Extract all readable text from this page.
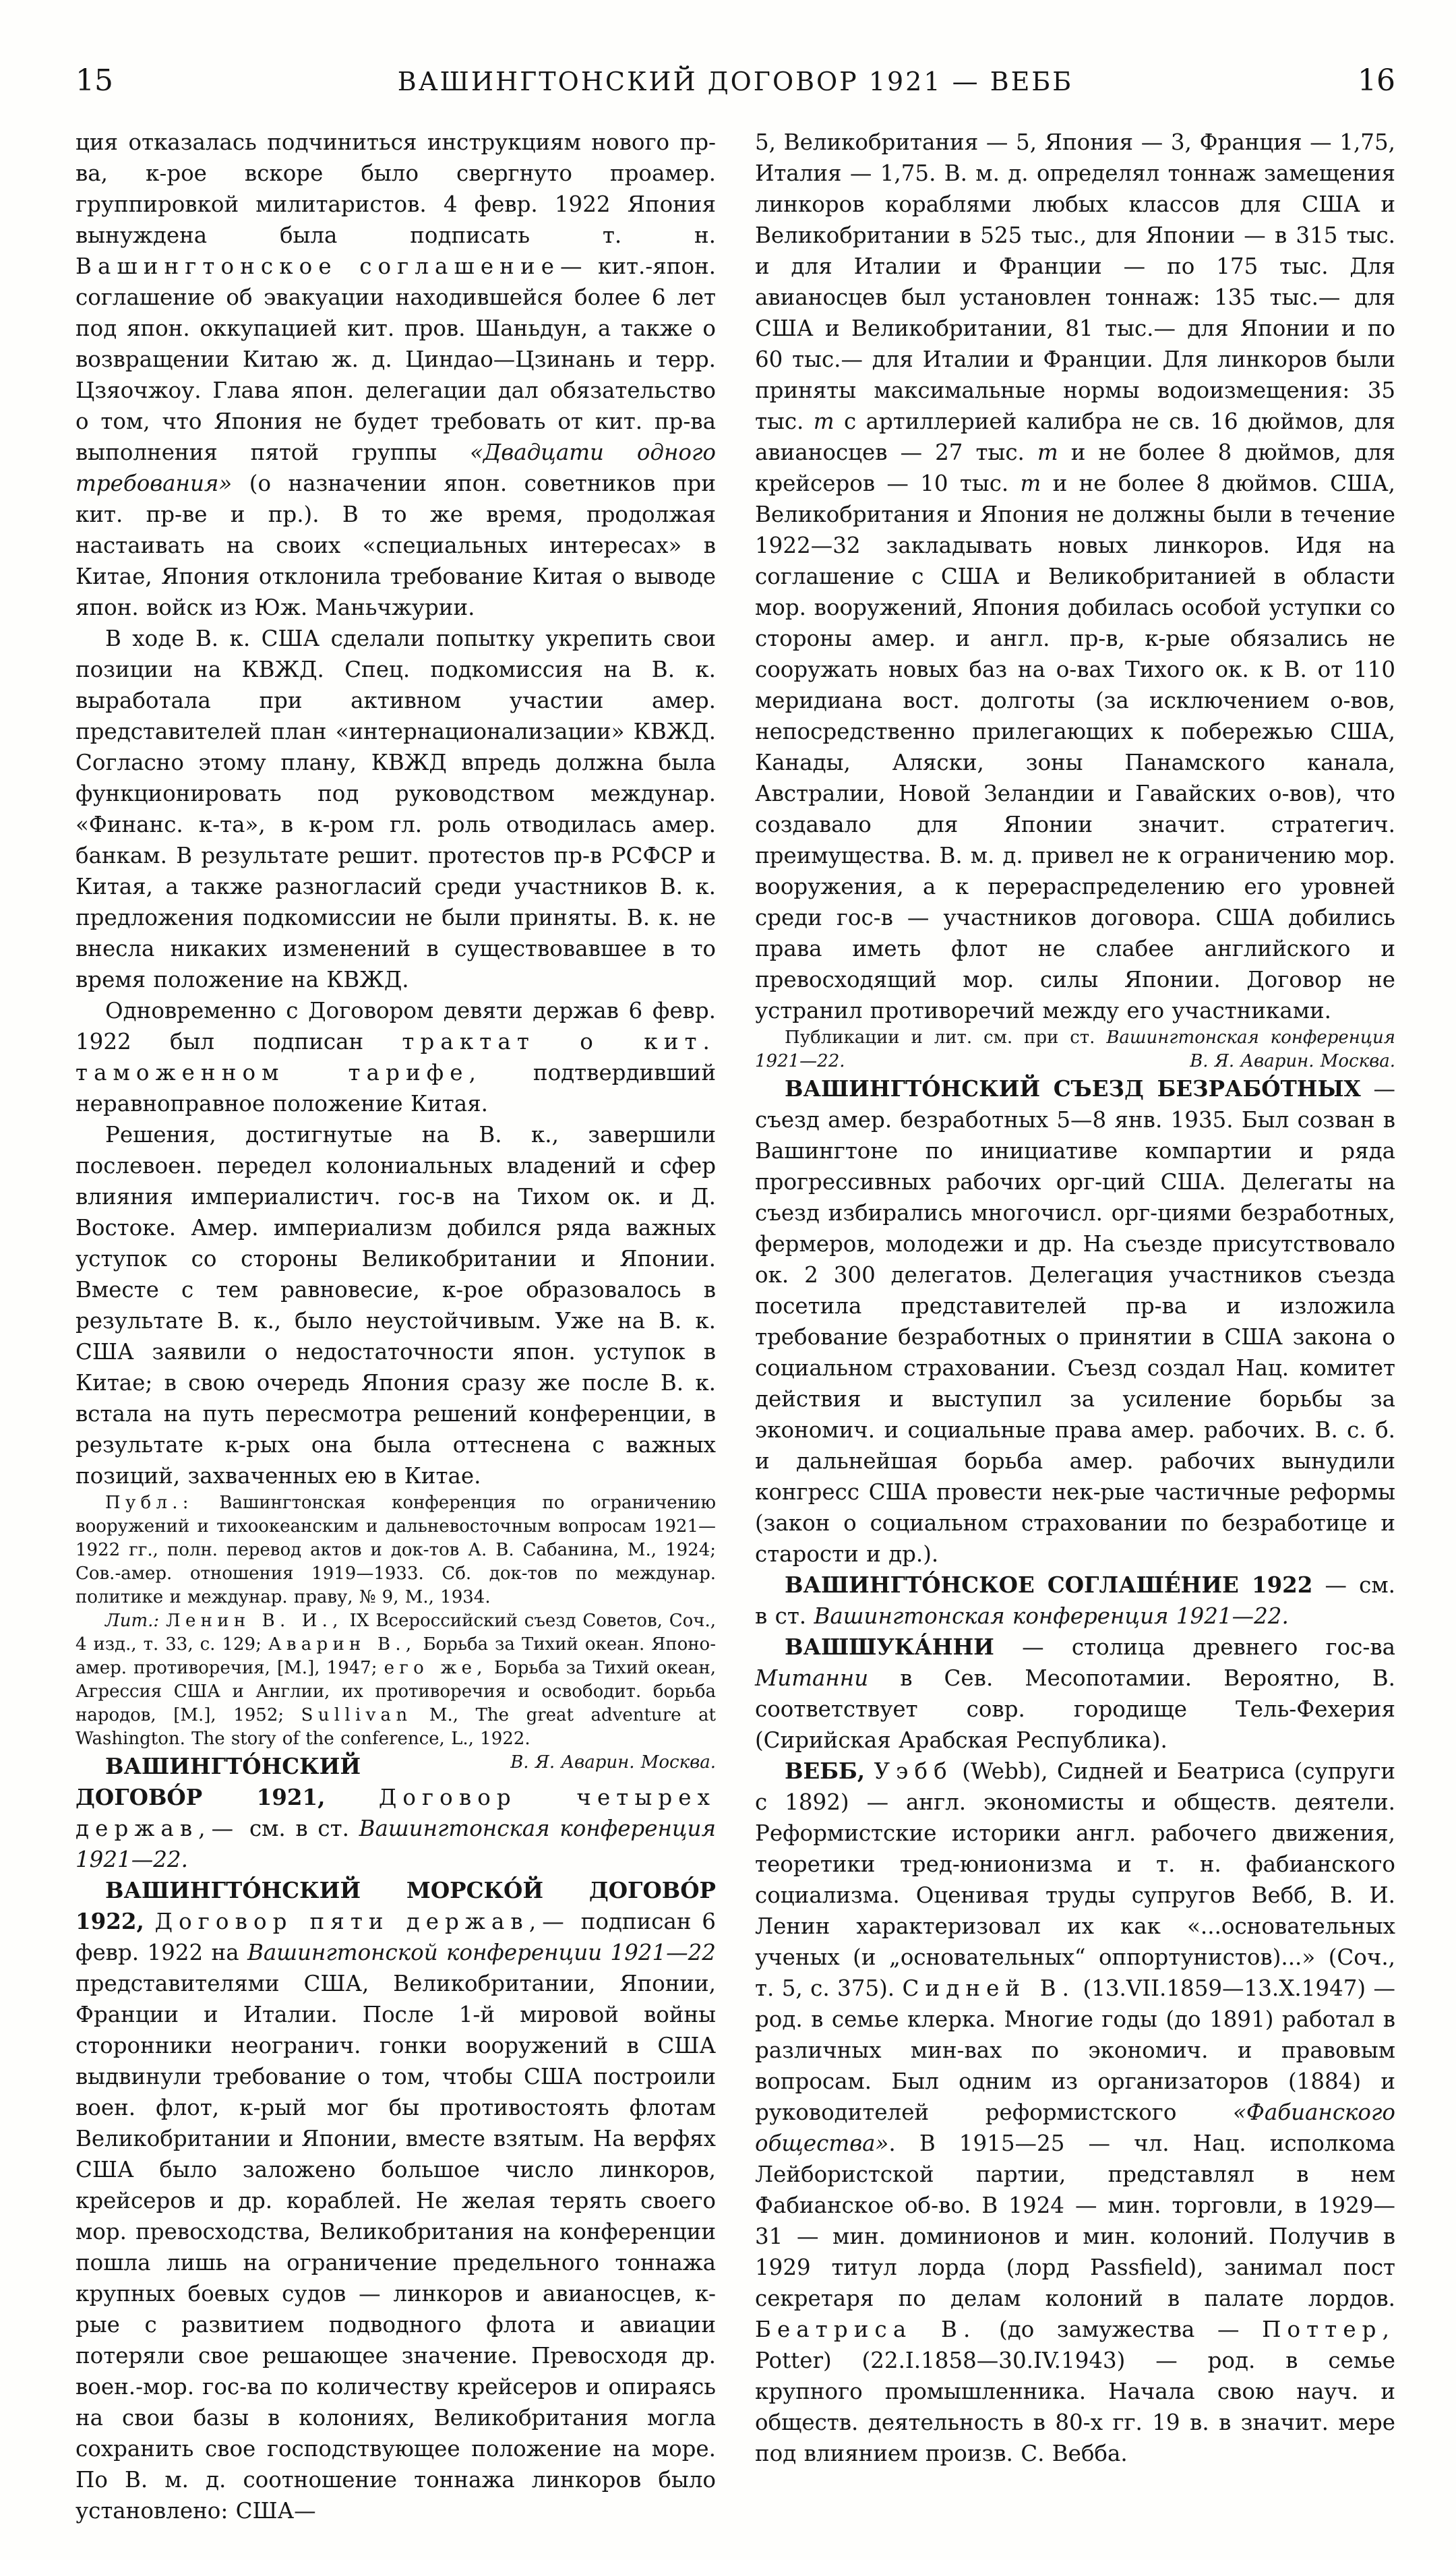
15	ВАШИНГТОНСКИЙ ДОГОВОР 1921 — ВЕББ	16

ция отказалась подчиниться инструкциям нового пр-ва, к-рое вскоре было свергнуто проамер. группировкой милитаристов. 4 февр. 1922 Япония вынуждена была подписать т. н. Вашингтонское соглашение— кит.-япон. соглашение об эвакуации находившейся более 6 лет под япон. оккупацией кит. пров. Шаньдун, а также о возвращении Китаю ж. д. Циндао—Цзинань и терр. Цзяочжоу. Глава япон. делегации дал обязательство о том, что Япония не будет требовать от кит. пр-ва выполнения пятой группы «Двадцати одного требования» (о назначении япон. советников при кит. пр-ве и пр.). В то же время, продолжая настаивать на своих «специальных интересах» в Китае, Япония отклонила требование Китая о выводе япон. войск из Юж. Маньчжурии.

В ходе В. к. США сделали попытку укрепить свои позиции на КВЖД. Спец. подкомиссия на В. к. выработала при активном участии амер. представителей план «интернационализации» КВЖД. Согласно этому плану, КВЖД впредь должна была функционировать под руководством междунар. «Финанс. к-та», в к-ром гл. роль отводилась амер. банкам. В результате решит. протестов пр-в РСФСР и Китая, а также разногласий среди участников В. к. предложения подкомиссии не были приняты. В. к. не внесла никаких изменений в существовавшее в то время положение на КВЖД.

Одновременно с Договором девяти держав 6 февр. 1922 был подписан трактат о кит. таможенном тарифе, подтвердивший неравноправное положение Китая.

Решения, достигнутые на В. к., завершили послевоен. передел колониальных владений и сфер влияния империалистич. гос-в на Тихом ок. и Д. Востоке. Амер. империализм добился ряда важных уступок со стороны Великобритании и Японии. Вместе с тем равновесие, к-рое образовалось в результате В. к., было неустойчивым. Уже на В. к. США заявили о недостаточности япон. уступок в Китае; в свою очередь Япония сразу же после В. к. встала на путь пересмотра решений конференции, в результате к-рых она была оттеснена с важных позиций, захваченных ею в Китае.

Публ.: Вашингтонская конференция по ограничению вооружений и тихоокеанским и дальневосточным вопросам 1921—1922 гг., полн. перевод актов и док-тов А. В. Сабанина, М., 1924; Сов.-амер. отношения 1919—1933. Сб. док-тов по междунар. политике и междунар. праву, № 9, М., 1934.

Лит.: Ленин В. И., IX Всероссийский съезд Советов, Соч., 4 изд., т. 33, с. 129; Аварин В., Борьба за Тихий океан. Японо-амер. противоречия, [М.], 1947; его же, Борьба за Тихий океан, Агрессия США и Англии, их противоречия и освободит. борьба народов, [М.], 1952; Sullivan M., The great adventure at Washington. The story of the conference, L., 1922.
В. Я. Аварин. Москва.

ВАШИНГТО́НСКИЙ ДОГОВО́Р 1921, Договор четырех держав,— см. в ст. Вашингтонская конференция 1921—22.

ВАШИНГТО́НСКИЙ МОРСКО́Й ДОГОВО́Р 1922, Договор пяти держав,— подписан 6 февр. 1922 на Вашингтонской конференции 1921—22 представителями США, Великобритании, Японии, Франции и Италии. После 1-й мировой войны сторонники неогранич. гонки вооружений в США выдвинули требование о том, чтобы США построили воен. флот, к-рый мог бы противостоять флотам Великобритании и Японии, вместе взятым. На верфях США было заложено большое число линкоров, крейсеров и др. кораблей. Не желая терять своего мор. превосходства, Великобритания на конференции пошла лишь на ограничение предельного тоннажа крупных боевых судов — линкоров и авианосцев, к-рые с развитием подводного флота и авиации потеряли свое решающее значение. Превосходя др. воен.-мор. гос-ва по количеству крейсеров и опираясь на свои базы в колониях, Великобритания могла сохранить свое господствующее положение на море. По В. м. д. соотношение тоннажа линкоров было установлено: США—

5, Великобритания — 5, Япония — 3, Франция — 1,75, Италия — 1,75. В. м. д. определял тоннаж замещения линкоров кораблями любых классов для США и Великобритании в 525 тыс., для Японии — в 315 тыс. и для Италии и Франции — по 175 тыс. Для авианосцев был установлен тоннаж: 135 тыс.— для США и Великобритании, 81 тыс.— для Японии и по 60 тыс.— для Италии и Франции. Для линкоров были приняты максимальные нормы водоизмещения: 35 тыс. т с артиллерией калибра не св. 16 дюймов, для авианосцев — 27 тыс. т и не более 8 дюймов, для крейсеров — 10 тыс. т и не более 8 дюймов. США, Великобритания и Япония не должны были в течение 1922—32 закладывать новых линкоров. Идя на соглашение с США и Великобританией в области мор. вооружений, Япония добилась особой уступки со стороны амер. и англ. пр-в, к-рые обязались не сооружать новых баз на о-вах Тихого ок. к В. от 110 меридиана вост. долготы (за исключением о-вов, непосредственно прилегающих к побережью США, Канады, Аляски, зоны Панамского канала, Австралии, Новой Зеландии и Гавайских о-вов), что создавало для Японии значит. стратегич. преимущества. В. м. д. привел не к ограничению мор. вооружения, а к перераспределению его уровней среди гос-в — участников договора. США добились права иметь флот не слабее английского и превосходящий мор. силы Японии. Договор не устранил противоречий между его участниками.

Публикации и лит. см. при ст. Вашингтонская конференция 1921—22.	В. Я. Аварин. Москва.

ВАШИНГТО́НСКИЙ СЪЕЗД БЕЗРАБО́ТНЫХ — съезд амер. безработных 5—8 янв. 1935. Был созван в Вашингтоне по инициативе компартии и ряда прогрессивных рабочих орг-ций США. Делегаты на съезд избирались многочисл. орг-циями безработных, фермеров, молодежи и др. На съезде присутствовало ок. 2 300 делегатов. Делегация участников съезда посетила представителей пр-ва и изложила требование безработных о принятии в США закона о социальном страховании. Съезд создал Нац. комитет действия и выступил за усиление борьбы за экономич. и социальные права амер. рабочих. В. с. б. и дальнейшая борьба амер. рабочих вынудили конгресс США провести нек-рые частичные реформы (закон о социальном страховании по безработице и старости и др.).

ВАШИНГТО́НСКОЕ СОГЛАШЕ́НИЕ 1922 — см. в ст. Вашингтонская конференция 1921—22.

ВАШШУКА́ННИ — столица древнего гос-ва Митанни в Сев. Месопотамии. Вероятно, В. соответствует совр. городище Тель-Фехерия (Сирийская Арабская Республика).

ВЕББ, Уэбб (Webb), Сидней и Беатриса (супруги с 1892) — англ. экономисты и обществ. деятели. Реформистские историки англ. рабочего движения, теоретики тред-юнионизма и т. н. фабианского социализма. Оценивая труды супругов Вебб, В. И. Ленин характеризовал их как «...основательных ученых (и „основательных“ оппортунистов)...» (Соч., т. 5, с. 375). Сидней В. (13.VII.1859—13.X.1947) — род. в семье клерка. Многие годы (до 1891) работал в различных мин-вах по экономич. и правовым вопросам. Был одним из организаторов (1884) и руководителей реформистского «Фабианского общества». В 1915—25 — чл. Нац. исполкома Лейбористской партии, представлял в нем Фабианское об-во. В 1924 — мин. торговли, в 1929—31 — мин. доминионов и мин. колоний. Получив в 1929 титул лорда (лорд Passfield), занимал пост секретаря по делам колоний в палате лордов. Беатриса В. (до замужества — Поттер, Potter) (22.I.1858—30.IV.1943) — род. в семье крупного промышленника. Начала свою науч. и обществ. деятельность в 80-х гг. 19 в. в значит. мере под влиянием произв. С. Вебба.
